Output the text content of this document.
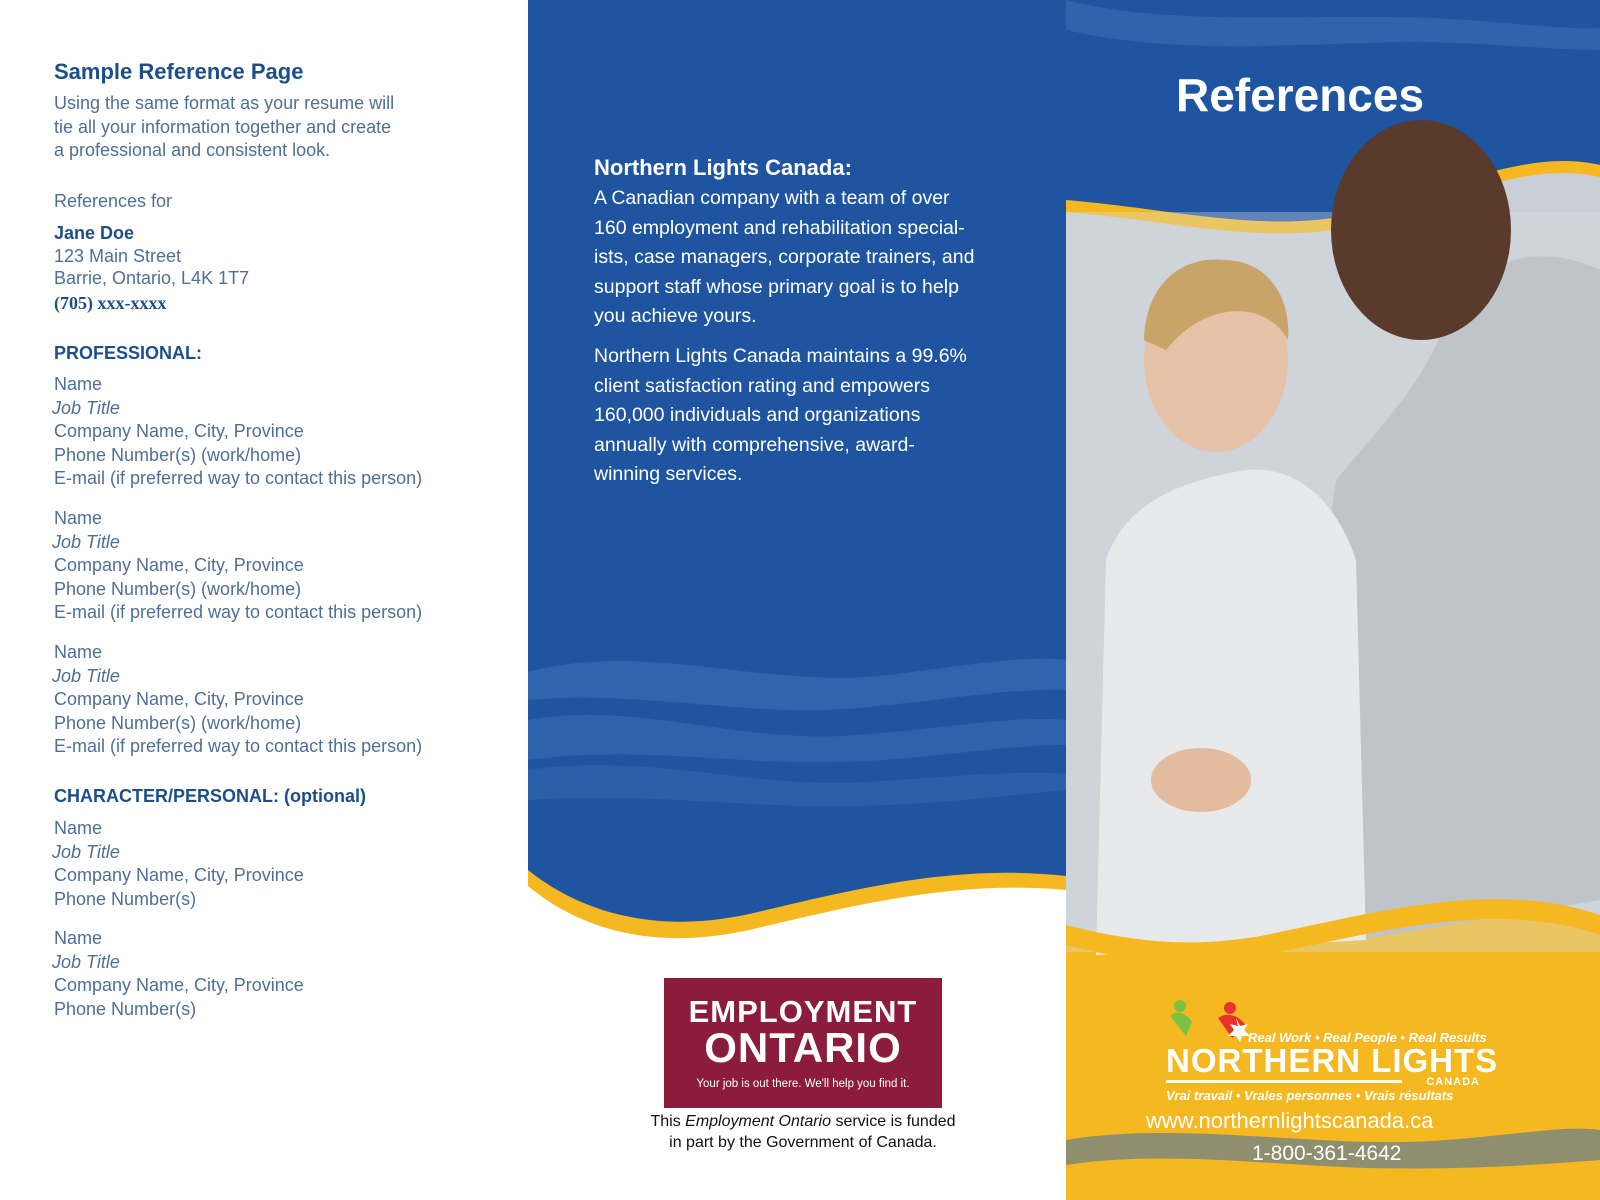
Sample Reference Page

Using the same format as your resume will
tie all your information together and create
a professional and consistent look.

References for

Jane Doe

123 Main Street

Barrie, Ontario, L4K 1T7

(705) xxx-xxxx

PROFESSIONAL:

Name
Job Title
Company Name, City, Province
Phone Number(s) (work/home)
E-mail (if preferred way to contact this person)
Name
Job Title
Company Name, City, Province
Phone Number(s) (work/home)
E-mail (if preferred way to contact this person)
Name
Job Title
Company Name, City, Province
Phone Number(s) (work/home)
E-mail (if preferred way to contact this person)

CHARACTER/PERSONAL: (optional)

Name
Job Title
Company Name, City, Province
Phone Number(s)
Name
Job Title
Company Name, City, Province
Phone Number(s)

Northern Lights Canada:

A Canadian company with a team of over
160 employment and rehabilitation special-
ists, case managers, corporate trainers, and
support staff whose primary goal is to help
you achieve yours.
Northern Lights Canada maintains a 99.6%
client satisfaction rating and empowers
160,000 individuals and organizations
annually with comprehensive, award-
winning services.
EMPLOYMENT
ONTARIO
Your job is out there. We'll help you find it.

This Employment Ontario service is funded

in part by the Government of Canada.

References

Real Work • Real People • Real Results
NORTHERN LIGHTS
CANADA
Vrai travail • Vrales personnes • Vrais résultats

www.northernlightscanada.ca

1-800-361-4642
